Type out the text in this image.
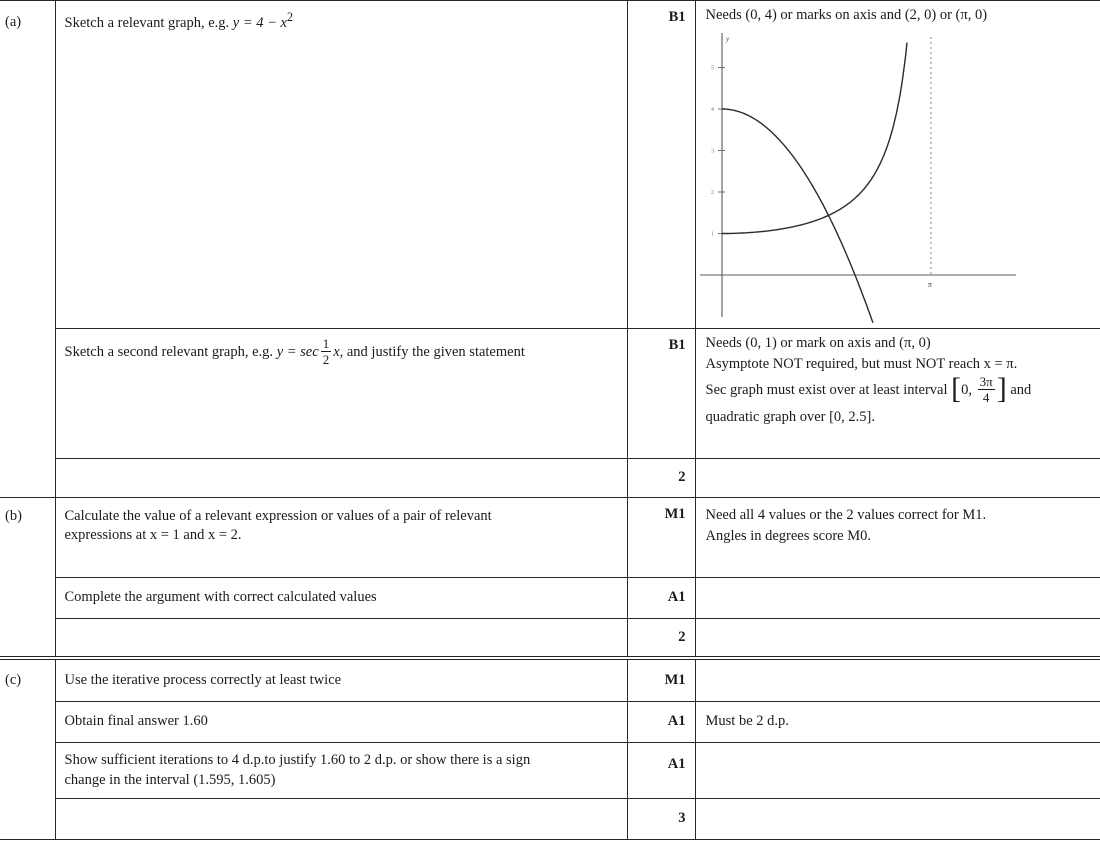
(a)	Sketch a relevant graph, e.g. $y = 4 - x^2$	B1	Needs (0, 4) or marks on axis and (2, 0) or (π, 0)
1
2
3
4
5
π
y

Sketch a second relevant graph, e.g. $y = \sec \frac{1}{2} x$, and justify the given statement	B1	Needs (0, 1) or mark on axis and (π, 0)
Asymptote NOT required, but must NOT reach x = π.
Sec graph must exist over at least interval [0, $\frac{3\pi}{4}$ ] and
quadratic graph over [0, 2.5].

		2	
(b)	Calculate the value of a relevant expression or values of a pair of relevant
expressions at x = 1 and x = 2.	M1	Need all 4 values or the 2 values correct for M1.
Angles in degrees score M0.

	Complete the argument with correct calculated values	A1	
		2	
(c)	Use the iterative process correctly at least twice	M1	
	Obtain final answer 1.60	A1	Must be 2 d.p.
	Show sufficient iterations to 4 d.p.to justify 1.60 to 2 d.p. or show there is a sign
change in the interval (1.595, 1.605)	A1	
		3	
